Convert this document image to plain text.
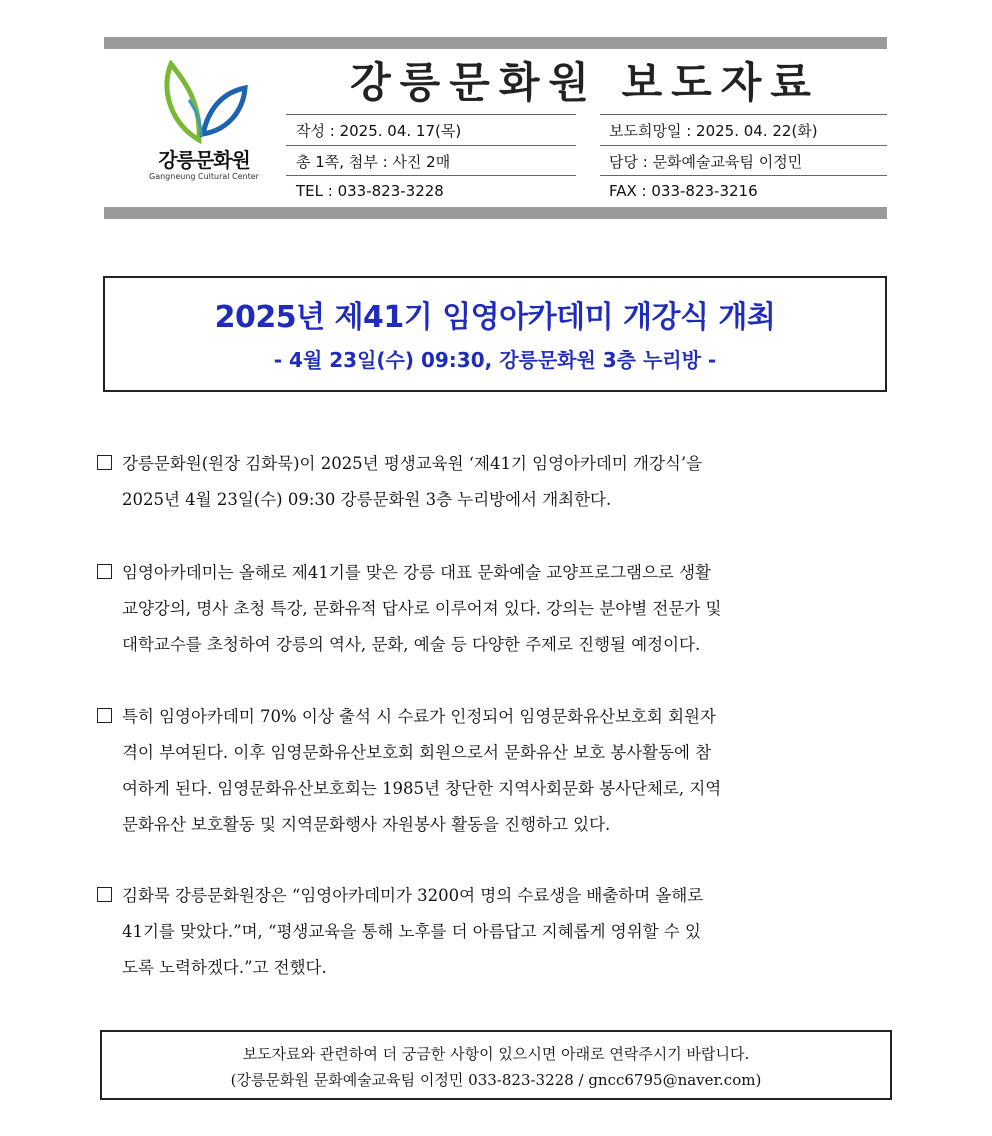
강릉문화원
Gangneung Cultural Center
강릉문화원 보도자료
작성 : 2025. 04. 17(목)	보도희망일 : 2025. 04. 22(화)
총 1쪽, 첨부 : 사진 2매	담당 : 문화예술교육팀 이정민
TEL : 033-823-3228	FAX : 033-823-3216
2025년 제41기 임영아카데미 개강식 개최
- 4월 23일(수) 09:30, 강릉문화원 3층 누리방 -
강릉문화원(원장 김화묵)이 2025년 평생교육원 ‘제41기 임영아카데미 개강식’을
2025년 4월 23일(수) 09:30 강릉문화원 3층 누리방에서 개최한다.
임영아카데미는 올해로 제41기를 맞은 강릉 대표 문화예술 교양프로그램으로 생활
교양강의, 명사 초청 특강, 문화유적 답사로 이루어져 있다. 강의는 분야별 전문가 및
대학교수를 초청하여 강릉의 역사, 문화, 예술 등 다양한 주제로 진행될 예정이다.
특히 임영아카데미 70% 이상 출석 시 수료가 인정되어 임영문화유산보호회 회원자
격이 부여된다. 이후 임영문화유산보호회 회원으로서 문화유산 보호 봉사활동에 참
여하게 된다. 임영문화유산보호회는 1985년 창단한 지역사회문화 봉사단체로, 지역
문화유산 보호활동 및 지역문화행사 자원봉사 활동을 진행하고 있다.
김화묵 강릉문화원장은 “임영아카데미가 3200여 명의 수료생을 배출하며 올해로
41기를 맞았다.”며, “평생교육을 통해 노후를 더 아름답고 지혜롭게 영위할 수 있
도록 노력하겠다.”고 전했다.
보도자료와 관련하여 더 궁금한 사항이 있으시면 아래로 연락주시기 바랍니다.
(강릉문화원 문화예술교육팀 이정민 033-823-3228 / gncc6795@naver.com)
